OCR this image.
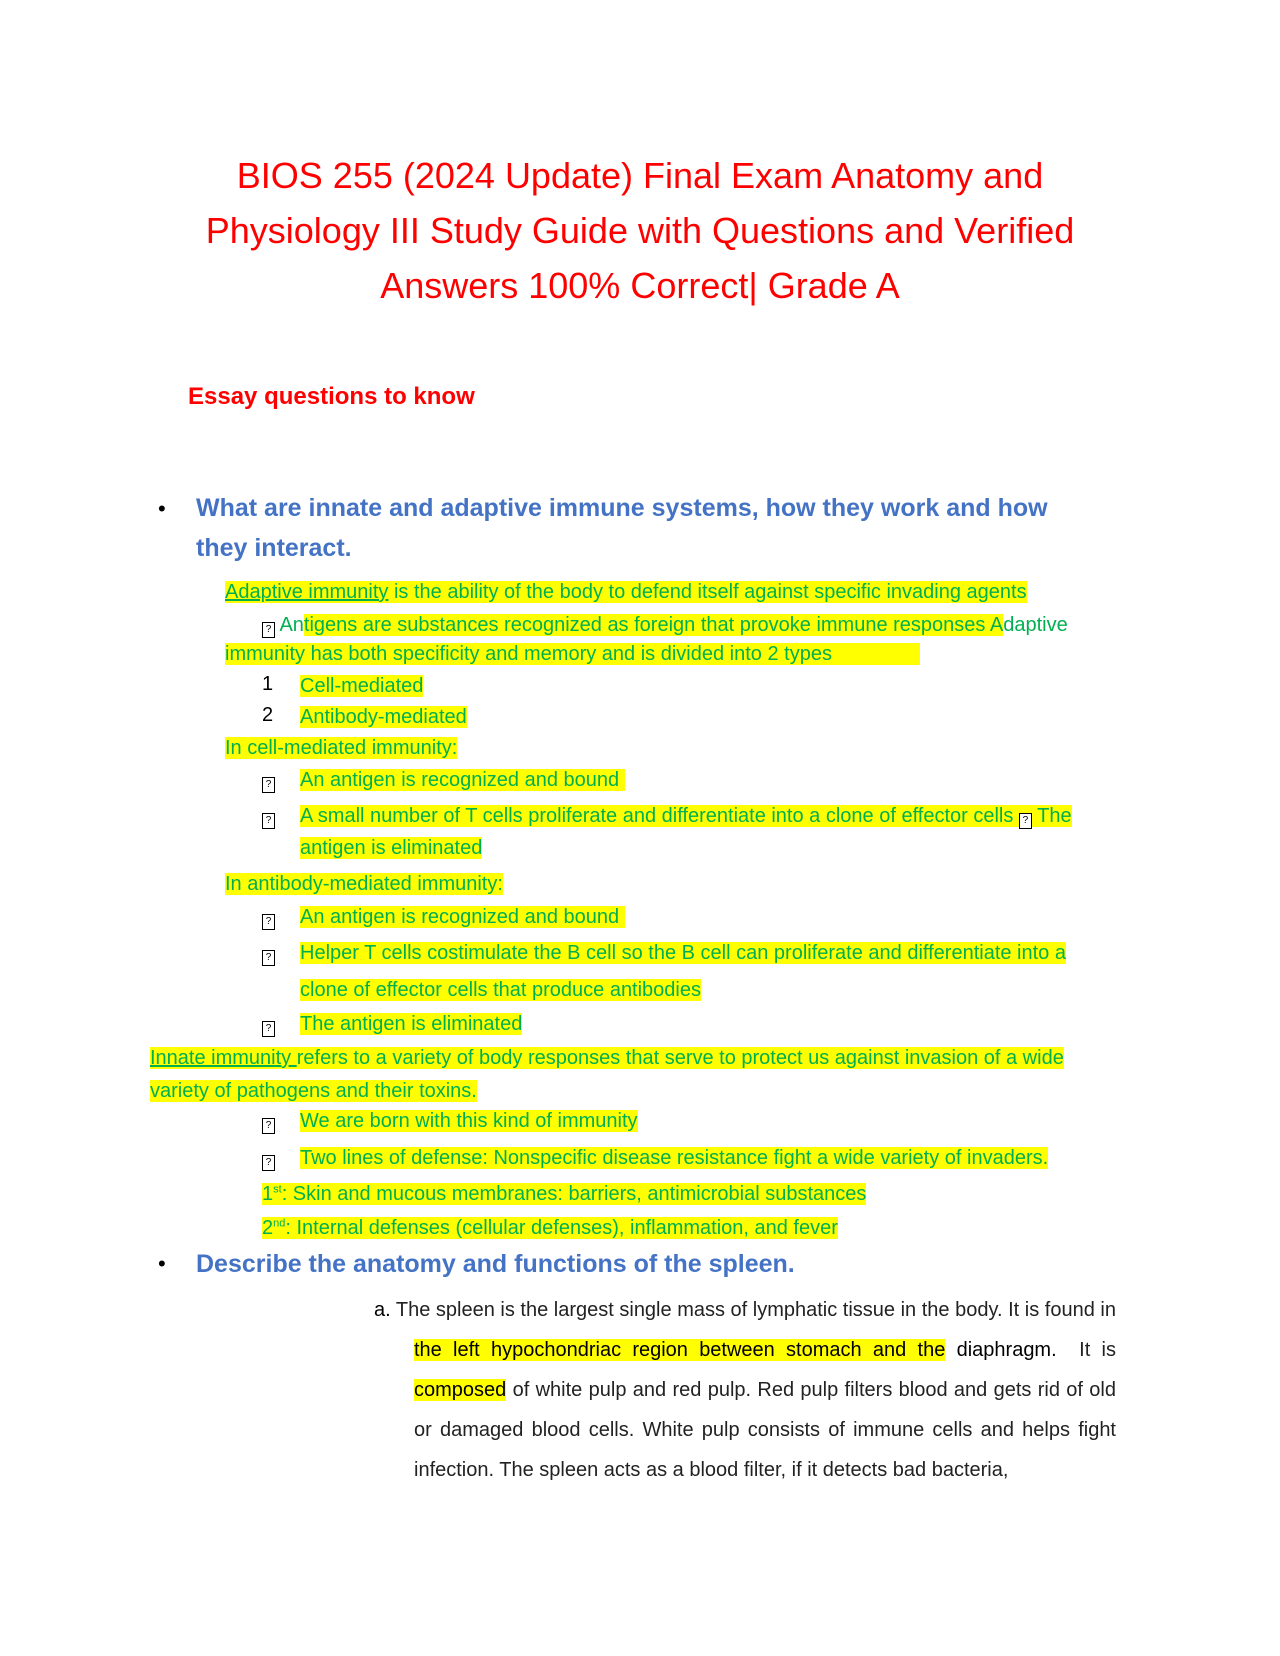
BIOS 255 (2024 Update) Final Exam Anatomy and
Physiology III Study Guide with Questions and Verified
Answers 100% Correct| Grade A
Essay questions to know
• What are innate and adaptive immune systems, how they work and how
they interact.
Adaptive immunity is the ability of the body to defend itself against specific invading agents
? Antigens are substances recognized as foreign that provoke immune responses Adaptive
immunity has both specificity and memory and is divided into 2 types
1 Cell-mediated
2 Antibody-mediated
In cell-mediated immunity:
? An antigen is recognized and bound
? A small number of T cells proliferate and differentiate into a clone of effector cells ? The
antigen is eliminated
In antibody-mediated immunity:
? An antigen is recognized and bound
? Helper T cells costimulate the B cell so the B cell can proliferate and differentiate into a
clone of effector cells that produce antibodies
? The antigen is eliminated
Innate immunity refers to a variety of body responses that serve to protect us against invasion of a wide
variety of pathogens and their toxins.
? We are born with this kind of immunity
? Two lines of defense: Nonspecific disease resistance fight a wide variety of invaders.
1st: Skin and mucous membranes: barriers, antimicrobial substances
2nd: Internal defenses (cellular defenses), inflammation, and fever
• Describe the anatomy and functions of the spleen.

a. The spleen is the largest single mass of lymphatic tissue in the body. It is found in the left hypochondriac region between stomach and the diaphragm. It is composed of white pulp and red pulp. Red pulp filters blood and gets rid of old or damaged blood cells. White pulp consists of immune cells and helps fight infection. The spleen acts as a blood filter, if it detects bad bacteria,
